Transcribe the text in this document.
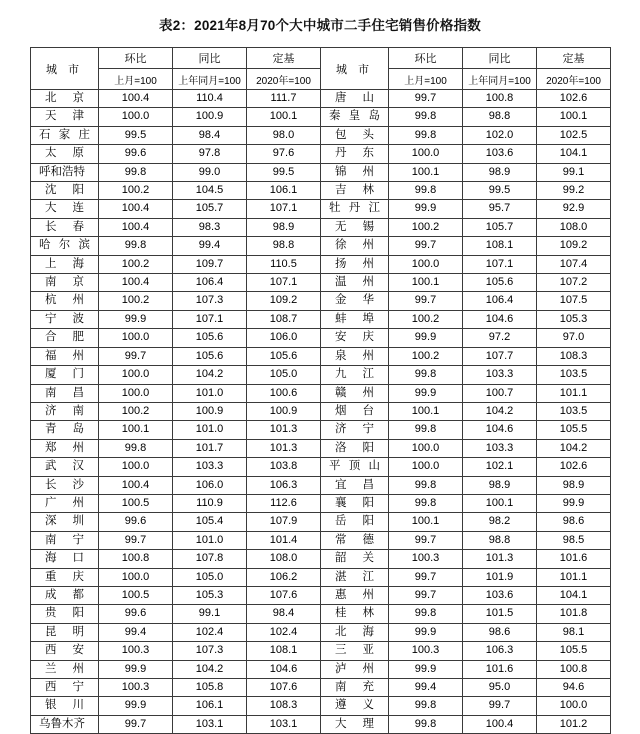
表2：2021年8月70个大中城市二手住宅销售价格指数
城 市	环比	同比	定基	城 市	环比	同比	定基
	上月=100	上年同月=100	2020年=100		上月=100	上年同月=100	2020年=100

北 京	100.4	110.4	111.7	唐 山	99.7	100.8	102.6

天 津	100.0	100.9	100.1	秦 皇 岛	99.8	98.8	100.1

石 家 庄	99.5	98.4	98.0	包 头	99.8	102.0	102.5

太 原	99.6	97.8	97.6	丹 东	100.0	103.6	104.1

呼和浩特	99.8	99.0	99.5	锦 州	100.1	98.9	99.1

沈 阳	100.2	104.5	106.1	吉 林	99.8	99.5	99.2

大 连	100.4	105.7	107.1	牡 丹 江	99.9	95.7	92.9

长 春	100.4	98.3	98.9	无 锡	100.2	105.7	108.0

哈 尔 滨	99.8	99.4	98.8	徐 州	99.7	108.1	109.2

上 海	100.2	109.7	110.5	扬 州	100.0	107.1	107.4

南 京	100.4	106.4	107.1	温 州	100.1	105.6	107.2

杭 州	100.2	107.3	109.2	金 华	99.7	106.4	107.5

宁 波	99.9	107.1	108.7	蚌 埠	100.2	104.6	105.3

合 肥	100.0	105.6	106.0	安 庆	99.9	97.2	97.0

福 州	99.7	105.6	105.6	泉 州	100.2	107.7	108.3

厦 门	100.0	104.2	105.0	九 江	99.8	103.3	103.5

南 昌	100.0	101.0	100.6	赣 州	99.9	100.7	101.1

济 南	100.2	100.9	100.9	烟 台	100.1	104.2	103.5

青 岛	100.1	101.0	101.3	济 宁	99.8	104.6	105.5

郑 州	99.8	101.7	101.3	洛 阳	100.0	103.3	104.2

武 汉	100.0	103.3	103.8	平 顶 山	100.0	102.1	102.6

长 沙	100.4	106.0	106.3	宜 昌	99.8	98.9	98.9

广 州	100.5	110.9	112.6	襄 阳	99.8	100.1	99.9

深 圳	99.6	105.4	107.9	岳 阳	100.1	98.2	98.6

南 宁	99.7	101.0	101.4	常 德	99.7	98.8	98.5

海 口	100.8	107.8	108.0	韶 关	100.3	101.3	101.6

重 庆	100.0	105.0	106.2	湛 江	99.7	101.9	101.1

成 都	100.5	105.3	107.6	惠 州	99.7	103.6	104.1

贵 阳	99.6	99.1	98.4	桂 林	99.8	101.5	101.8

昆 明	99.4	102.4	102.4	北 海	99.9	98.6	98.1

西 安	100.3	107.3	108.1	三 亚	100.3	106.3	105.5

兰 州	99.9	104.2	104.6	泸 州	99.9	101.6	100.8

西 宁	100.3	105.8	107.6	南 充	99.4	95.0	94.6

银 川	99.9	106.1	108.3	遵 义	99.8	99.7	100.0

乌鲁木齐	99.7	103.1	103.1	大 理	99.8	100.4	101.2
